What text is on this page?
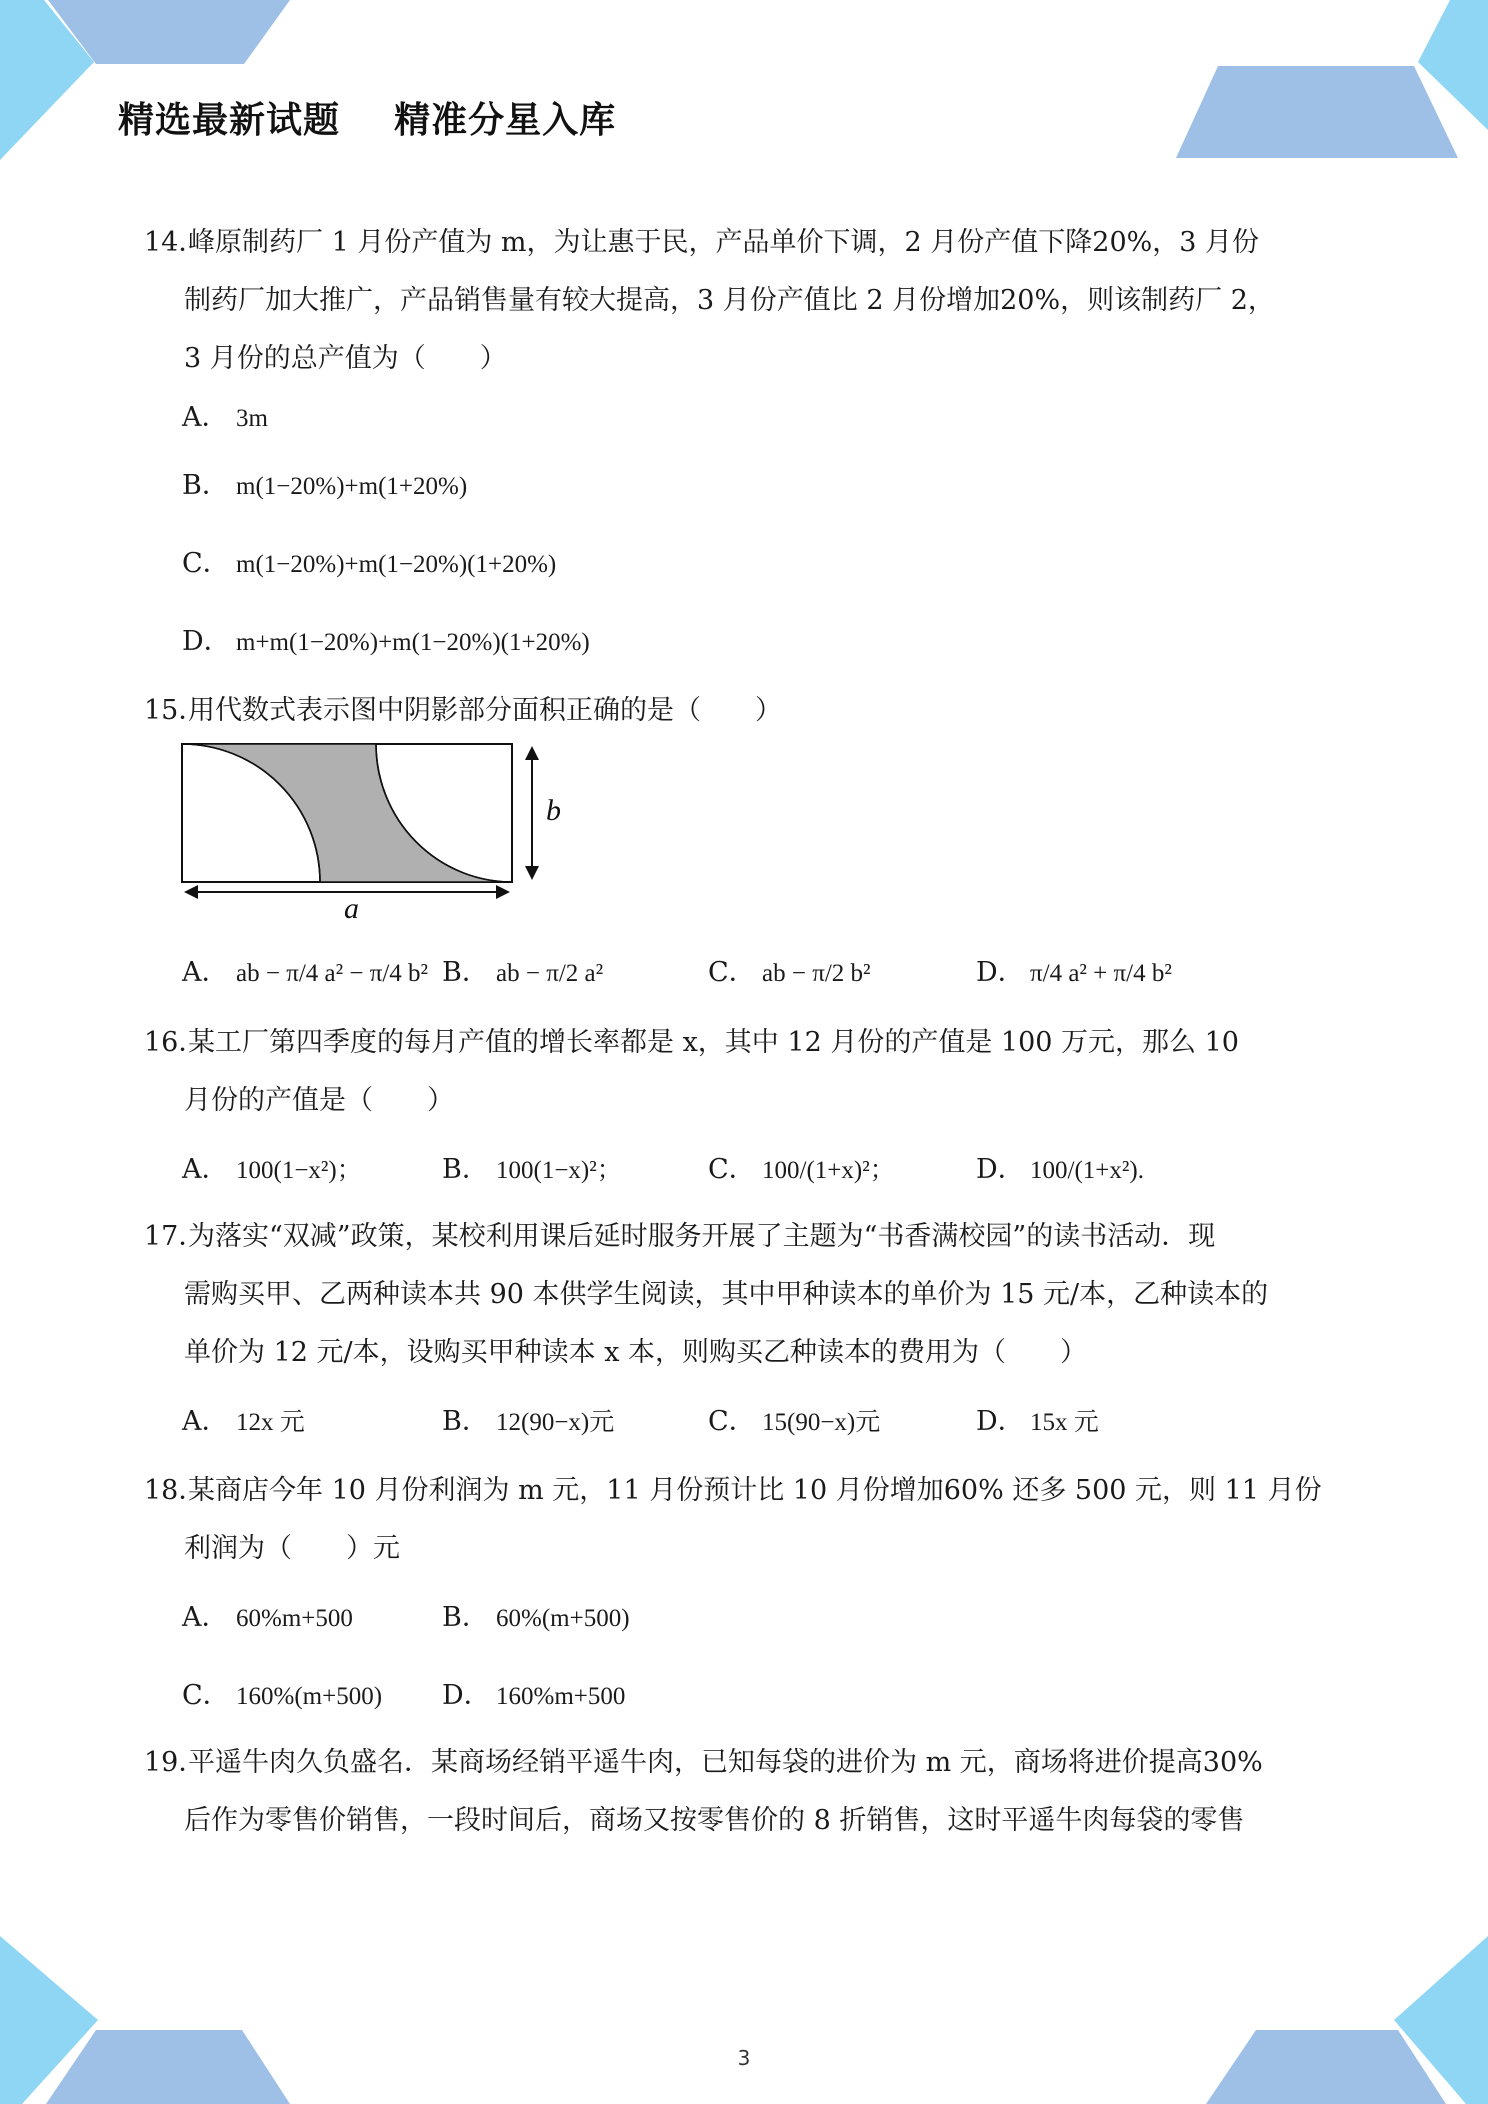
精选最新试题    精准分星入库
14．峰原制药厂 1 月份产值为 m，为让惠于民，产品单价下调，2 月份产值下降20%，3 月份
制药厂加大推广，产品销售量有较大提高，3 月份产值比 2 月份增加20%，则该制药厂 2，
3 月份的总产值为（　　）
A． 3m
B． m(1−20%)+m(1+20%)
C． m(1−20%)+m(1−20%)(1+20%)
D． m+m(1−20%)+m(1−20%)(1+20%)
15．用代数式表示图中阴影部分面积正确的是（　　）
b
a
A． ab − π/4 a² − π/4 b² B． ab − π/2 a²	C． ab − π/2 b²	D． π/4 a² + π/4 b²
16．某工厂第四季度的每月产值的增长率都是 x，其中 12 月份的产值是 100 万元，那么 10
月份的产值是（　　）
A． 100(1−x²)；	B． 100(1−x)²；	C． 100/(1+x)²；	D． 100/(1+x²).
17．为落实“双减”政策，某校利用课后延时服务开展了主题为“书香满校园”的读书活动．现
需购买甲、乙两种读本共 90 本供学生阅读，其中甲种读本的单价为 15 元/本，乙种读本的
单价为 12 元/本，设购买甲种读本 x 本，则购买乙种读本的费用为（　　）
A． 12x 元	B． 12(90−x)元	C． 15(90−x)元	D． 15x 元
18．某商店今年 10 月份利润为 m 元，11 月份预计比 10 月份增加60% 还多 500 元，则 11 月份
利润为（　　）元
A． 60%m+500	B． 60%(m+500)
C． 160%(m+500) D． 160%m+500
19．平遥牛肉久负盛名．某商场经销平遥牛肉，已知每袋的进价为 m 元，商场将进价提高30%
后作为零售价销售，一段时间后，商场又按零售价的 8 折销售，这时平遥牛肉每袋的零售
3
